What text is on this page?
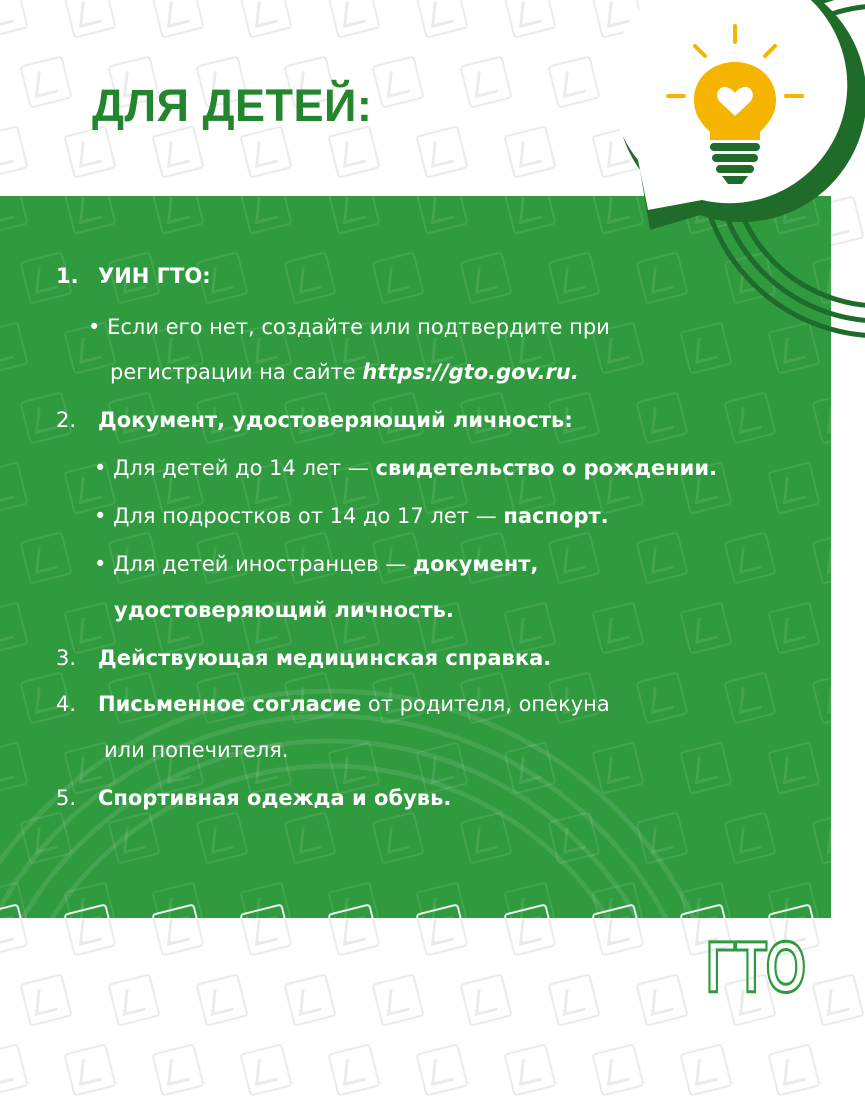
ДЛЯ ДЕТЕЙ:
1. УИН ГТО:
• Если его нет, создайте или подтвердите при
регистрации на сайте https://gto.gov.ru.
2. Документ, удостоверяющий личность:
• Для детей до 14 лет — свидетельство о рождении.
• Для подростков от 14 до 17 лет — паспорт.
• Для детей иностранцев — документ,
удостоверяющий личность.
3. Действующая медицинская справка.
4. Письменное согласие от родителя, опекуна
или попечителя.
5. Спортивная одежда и обувь.
ГТО
